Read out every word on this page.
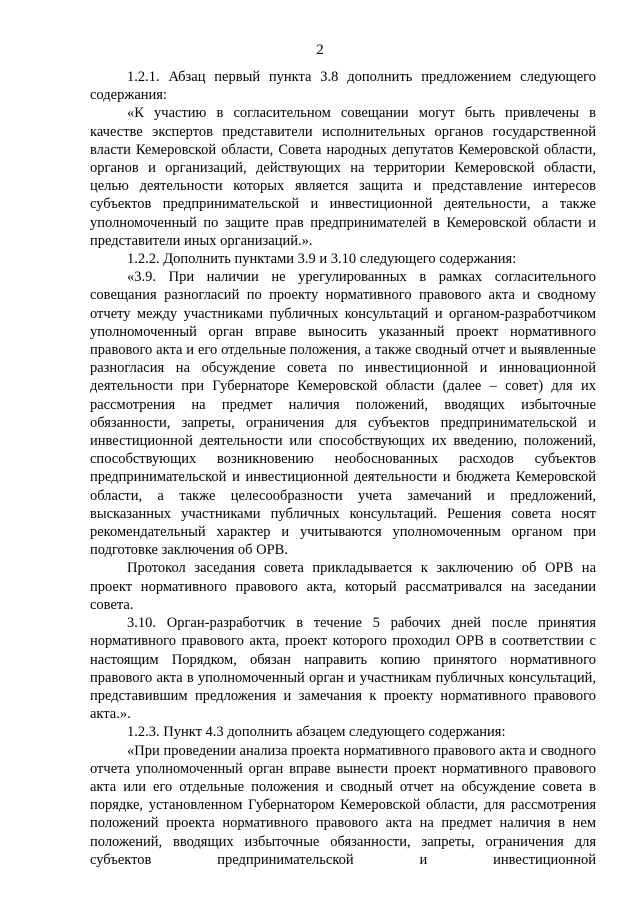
2

1.2.1. Абзац первый пункта 3.8 дополнить предложением следующего содержания:

«К участию в согласительном совещании могут быть привлечены в качестве экспертов представители исполнительных органов государственной власти Кемеровской области, Совета народных депутатов Кемеровской области, органов и организаций, действующих на территории Кемеровской области, целью деятельности которых является защита и представление интересов субъектов предпринимательской и инвестиционной деятельности, а также уполномоченный по защите прав предпринимателей в Кемеровской области и представители иных организаций.».

1.2.2. Дополнить пунктами 3.9 и 3.10 следующего содержания:

«3.9. При наличии не урегулированных в рамках согласительного совещания разногласий по проекту нормативного правового акта и сводному отчету между участниками публичных консультаций и органом-разработчиком уполномоченный орган вправе выносить указанный проект нормативного правового акта и его отдельные положения, а также сводный отчет и выявленные разногласия на обсуждение совета по инвестиционной и инновационной деятельности при Губернаторе Кемеровской области (далее – совет) для их рассмотрения на предмет наличия положений, вводящих избыточные обязанности, запреты, ограничения для субъектов предпринимательской и инвестиционной деятельности или способствующих их введению, положений, способствующих возникновению необоснованных расходов субъектов предпринимательской и инвестиционной деятельности и бюджета Кемеровской области, а также целесообразности учета замечаний и предложений, высказанных участниками публичных консультаций. Решения совета носят рекомендательный характер и учитываются уполномоченным органом при подготовке заключения об ОРВ.

Протокол заседания совета прикладывается к заключению об ОРВ на проект нормативного правового акта, который рассматривался на заседании совета.

3.10. Орган-разработчик в течение 5 рабочих дней после принятия нормативного правового акта, проект которого проходил ОРВ в соответствии с настоящим Порядком, обязан направить копию принятого нормативного правового акта в уполномоченный орган и участникам публичных консультаций, представившим предложения и замечания к проекту нормативного правового акта.».

1.2.3. Пункт 4.3 дополнить абзацем следующего содержания:

«При проведении анализа проекта нормативного правового акта и сводного отчета уполномоченный орган вправе вынести проект нормативного правового акта или его отдельные положения и сводный отчет на обсуждение совета в порядке, установленном Губернатором Кемеровской области, для рассмотрения положений проекта нормативного правового акта на предмет наличия в нем положений, вводящих избыточные обязанности, запреты, ограничения для субъектов предпринимательской и инвестиционной
